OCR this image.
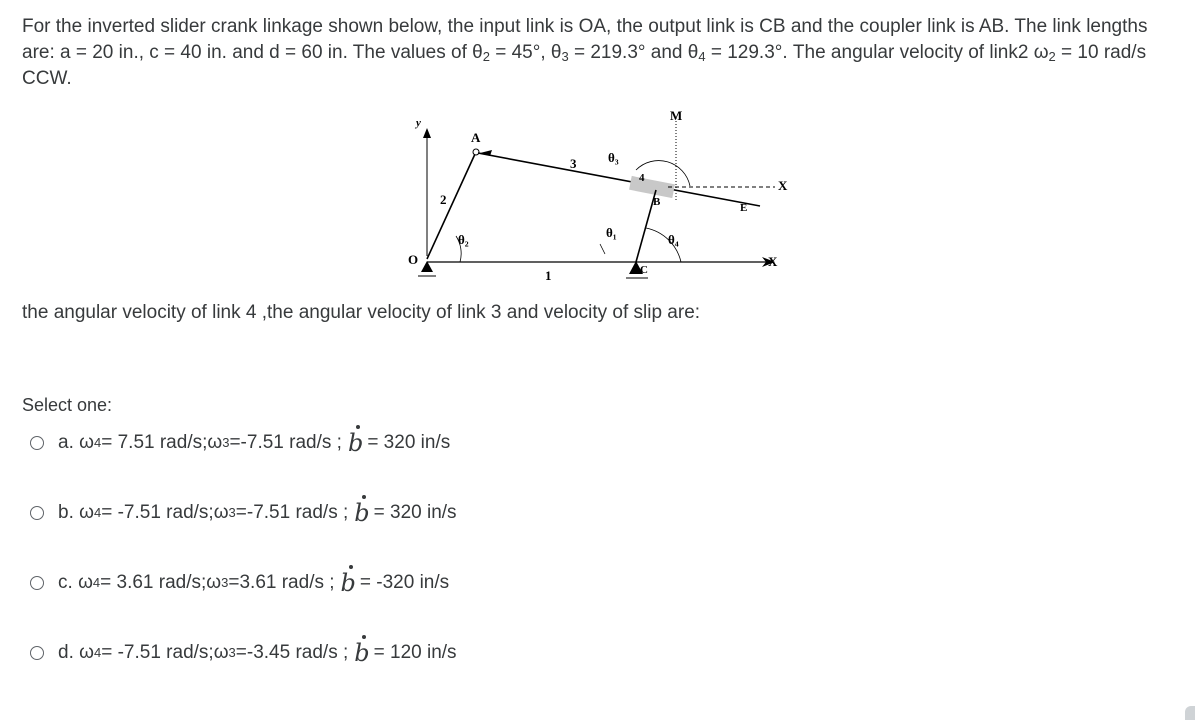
For the inverted slider crank linkage shown below, the input link is OA, the output link is CB and the coupler link is AB. The link lengths are: a = 20 in., c = 40 in. and d = 60 in. The values of $\theta_2 = 45^\circ$, $\theta_3 = 219.3^\circ$ and $\theta_4 = 129.3^\circ$. The angular velocity of link2 $\omega_2 = 10$ rad/s CCW.

y
A
M
X
E
B
C
O	X
1
2
3
4
θ₁
θ₂
θ₃
θ₄
the angular velocity of link 4 ,the angular velocity of link 3 and velocity of slip are:
Select one:
a.
ω 4 = 7.51 rad/s; ω 3 =-7.51 rad/s ; b = 320 in/s
b.
ω 4 = -7.51 rad/s; ω 3 =-7.51 rad/s ; b = 320 in/s
c.
ω 4 = 3.61 rad/s; ω 3 =3.61 rad/s ; b = -320 in/s
d.
ω 4 = -7.51 rad/s; ω 3 =-3.45 rad/s ; b = 120 in/s
